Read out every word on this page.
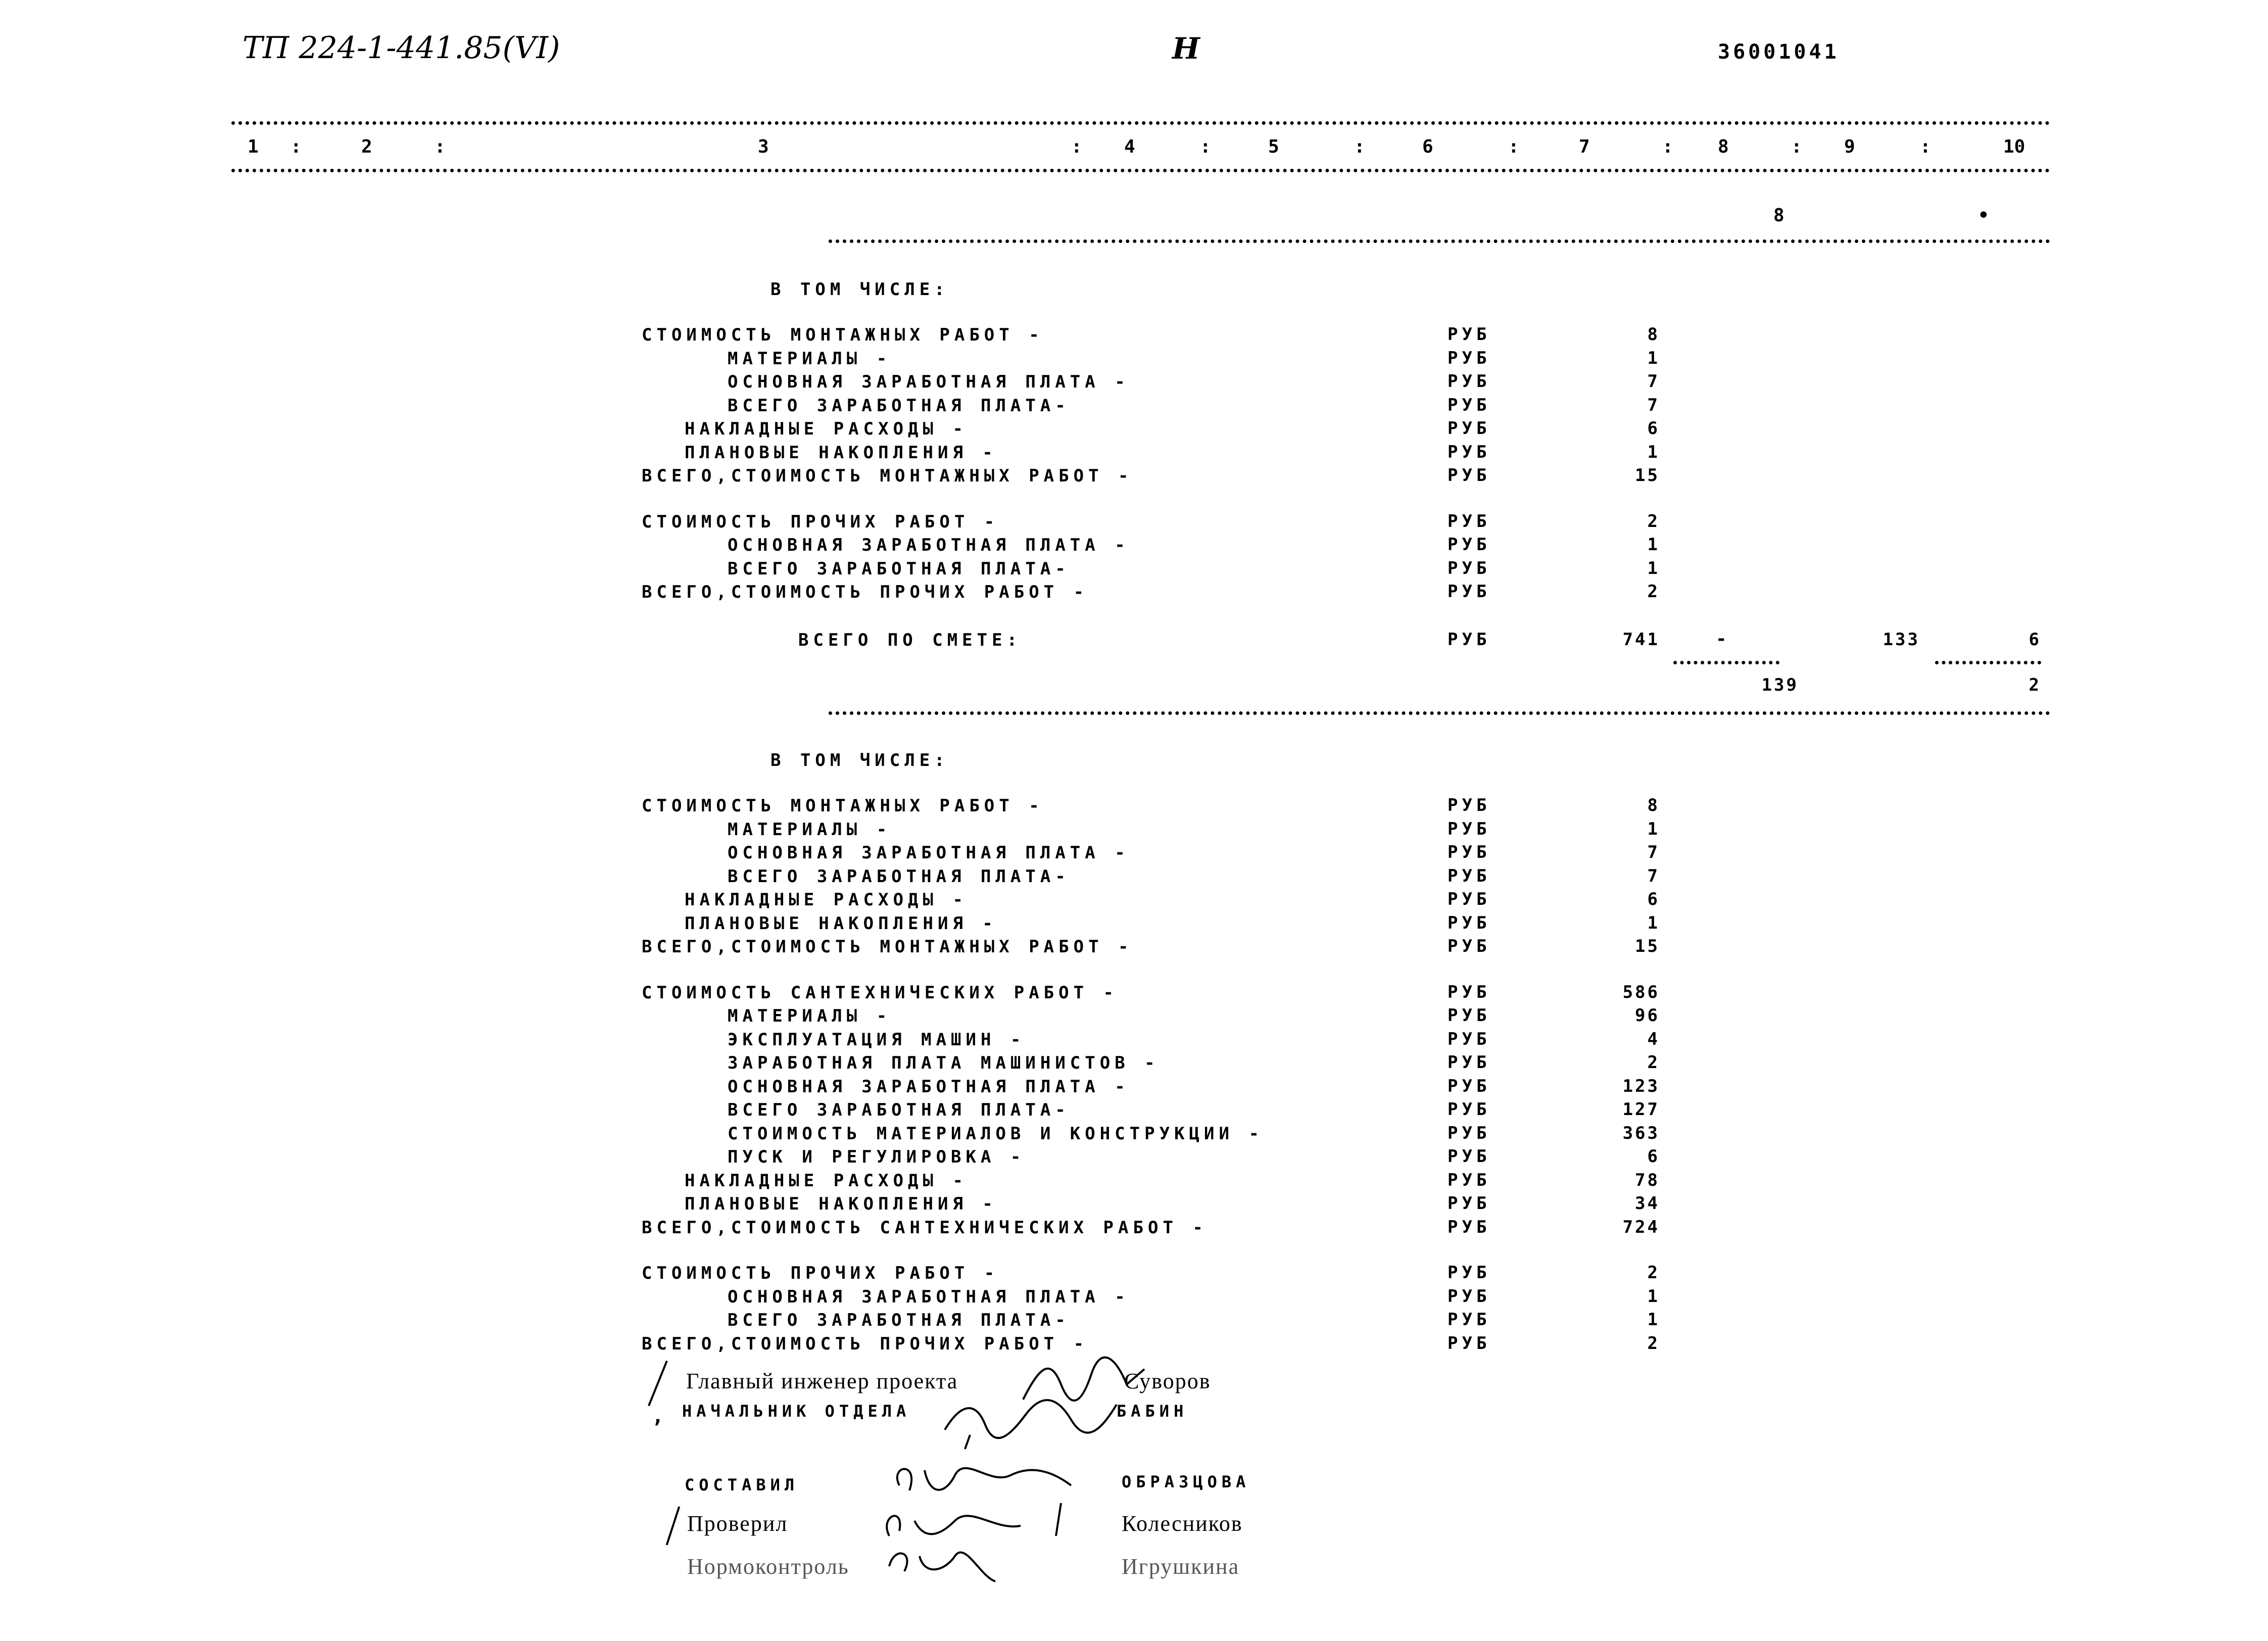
ТП 224-1-441.85(VI)	Н	36001041
1	2	3	4	5	6	7	8	9	10
:	:	:	:	:	:	:	:	:
8	•
В ТОМ ЧИСЛЕ:
СТОИМОСТЬ МОНТАЖНЫХ РАБОТ -	РУБ	8
МАТЕРИАЛЫ -	РУБ	1
ОСНОВНАЯ ЗАРАБОТНАЯ ПЛАТА -	РУБ	7
ВСЕГО ЗАРАБОТНАЯ ПЛАТА-	РУБ	7
НАКЛАДНЫЕ РАСХОДЫ -	РУБ	6
ПЛАНОВЫЕ НАКОПЛЕНИЯ -	РУБ	1
ВСЕГО,СТОИМОСТЬ МОНТАЖНЫХ РАБОТ -	РУБ	15
СТОИМОСТЬ ПРОЧИХ РАБОТ -	РУБ	2
ОСНОВНАЯ ЗАРАБОТНАЯ ПЛАТА -	РУБ	1
ВСЕГО ЗАРАБОТНАЯ ПЛАТА-	РУБ	1
ВСЕГО,СТОИМОСТЬ ПРОЧИХ РАБОТ -	РУБ	2
ВСЕГО ПО СМЕТЕ:	РУБ	741	-	133	6
139	2
В ТОМ ЧИСЛЕ:
СТОИМОСТЬ МОНТАЖНЫХ РАБОТ -	РУБ	8
МАТЕРИАЛЫ -	РУБ	1
ОСНОВНАЯ ЗАРАБОТНАЯ ПЛАТА -	РУБ	7
ВСЕГО ЗАРАБОТНАЯ ПЛАТА-	РУБ	7
НАКЛАДНЫЕ РАСХОДЫ -	РУБ	6
ПЛАНОВЫЕ НАКОПЛЕНИЯ -	РУБ	1
ВСЕГО,СТОИМОСТЬ МОНТАЖНЫХ РАБОТ -	РУБ	15
СТОИМОСТЬ САНТЕХНИЧЕСКИХ РАБОТ -	РУБ	586
МАТЕРИАЛЫ -	РУБ	96
ЭКСПЛУАТАЦИЯ МАШИН -	РУБ	4
ЗАРАБОТНАЯ ПЛАТА МАШИНИСТОВ -	РУБ	2
ОСНОВНАЯ ЗАРАБОТНАЯ ПЛАТА -	РУБ	123
ВСЕГО ЗАРАБОТНАЯ ПЛАТА-	РУБ	127
СТОИМОСТЬ МАТЕРИАЛОВ И КОНСТРУКЦИИ -	РУБ	363
ПУСК И РЕГУЛИРОВКА -	РУБ	6
НАКЛАДНЫЕ РАСХОДЫ -	РУБ	78
ПЛАНОВЫЕ НАКОПЛЕНИЯ -	РУБ	34
ВСЕГО,СТОИМОСТЬ САНТЕХНИЧЕСКИХ РАБОТ -	РУБ	724
СТОИМОСТЬ ПРОЧИХ РАБОТ -	РУБ	2
ОСНОВНАЯ ЗАРАБОТНАЯ ПЛАТА -	РУБ	1
ВСЕГО ЗАРАБОТНАЯ ПЛАТА-	РУБ	1
ВСЕГО,СТОИМОСТЬ ПРОЧИХ РАБОТ -	РУБ	2
Главный инженер проекта	Суворов
, НАЧАЛЬНИК ОТДЕЛА	БАБИН
СОСТАВИЛ	ОБРАЗЦОВА
Проверил	Колесников
Нормоконтроль	Игрушкина
